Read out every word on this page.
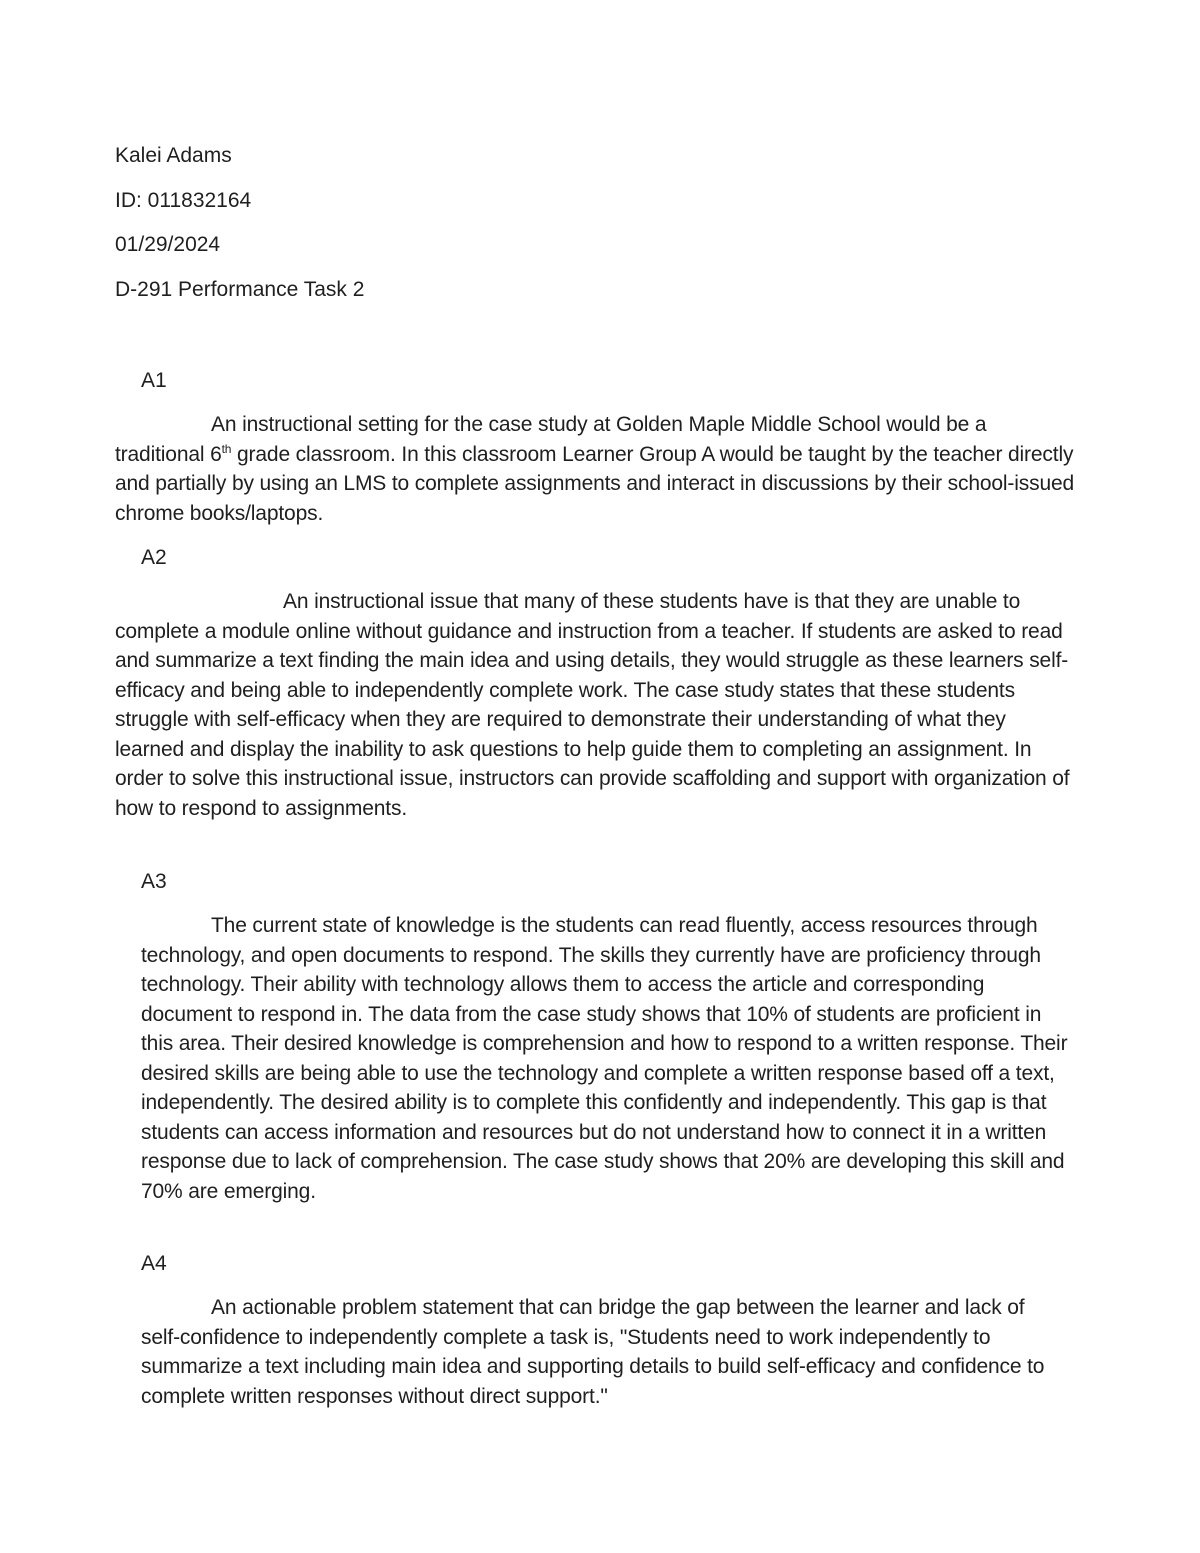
Kalei Adams

ID: 011832164

01/29/2024

D-291 Performance Task 2

A1

An instructional setting for the case study at Golden Maple Middle School would be a traditional 6th grade classroom. In this classroom Learner Group A would be taught by the teacher directly and partially by using an LMS to complete assignments and interact in discussions by their school-issued chrome books/laptops.

A2

An instructional issue that many of these students have is that they are unable to complete a module online without guidance and instruction from a teacher. If students are asked to read and summarize a text finding the main idea and using details, they would struggle as these learners self-efficacy and being able to independently complete work. The case study states that these students struggle with self-efficacy when they are required to demonstrate their understanding of what they learned and display the inability to ask questions to help guide them to completing an assignment. In order to solve this instructional issue, instructors can provide scaffolding and support with organization of how to respond to assignments.

A3

The current state of knowledge is the students can read fluently, access resources through technology, and open documents to respond. The skills they currently have are proficiency through technology. Their ability with technology allows them to access the article and corresponding document to respond in. The data from the case study shows that 10% of students are proficient in this area. Their desired knowledge is comprehension and how to respond to a written response. Their desired skills are being able to use the technology and complete a written response based off a text, independently. The desired ability is to complete this confidently and independently. This gap is that students can access information and resources but do not understand how to connect it in a written response due to lack of comprehension. The case study shows that 20% are developing this skill and 70% are emerging.

A4

An actionable problem statement that can bridge the gap between the learner and lack of self-confidence to independently complete a task is, "Students need to work independently to summarize a text including main idea and supporting details to build self-efficacy and confidence to complete written responses without direct support."
